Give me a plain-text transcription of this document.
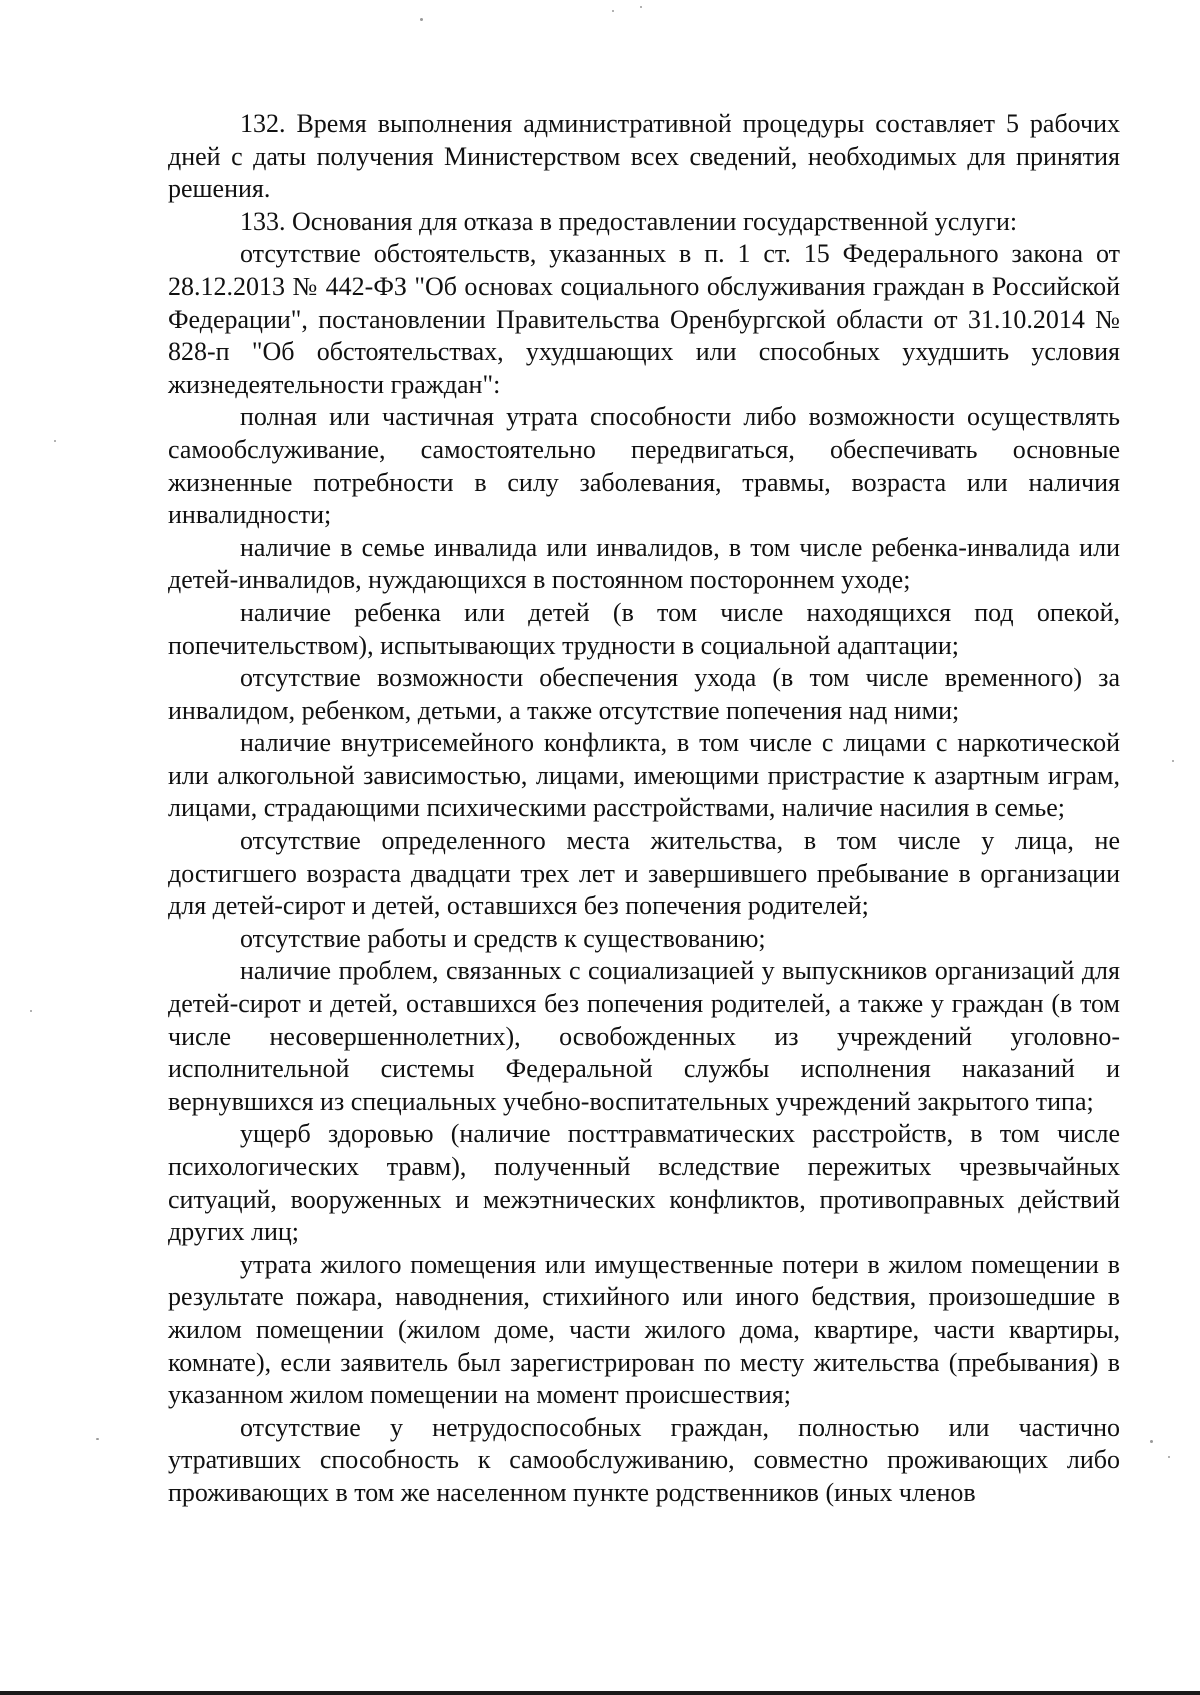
132. Время выполнения административной процедуры составляет 5 рабочих дней с даты получения Министерством всех сведений, необходимых для принятия решения.

133. Основания для отказа в предоставлении государственной услуги:

отсутствие обстоятельств, указанных в п. 1 ст. 15 Федерального закона от 28.12.2013 № 442-ФЗ "Об основах социального обслуживания граждан в Российской Федерации", постановлении Правительства Оренбургской области от 31.10.2014 № 828-п "Об обстоятельствах, ухудшающих или способных ухудшить условия жизнедеятельности граждан":

полная или частичная утрата способности либо возможности осуществлять самообслуживание, самостоятельно передвигаться, обеспечивать основные жизненные потребности в силу заболевания, травмы, возраста или наличия инвалидности;

наличие в семье инвалида или инвалидов, в том числе ребенка-инвалида или детей-инвалидов, нуждающихся в постоянном постороннем уходе;

наличие ребенка или детей (в том числе находящихся под опекой, попечительством), испытывающих трудности в социальной адаптации;

отсутствие возможности обеспечения ухода (в том числе временного) за инвалидом, ребенком, детьми, а также отсутствие попечения над ними;

наличие внутрисемейного конфликта, в том числе с лицами с наркотической или алкогольной зависимостью, лицами, имеющими пристрастие к азартным играм, лицами, страдающими психическими расстройствами, наличие насилия в семье;

отсутствие определенного места жительства, в том числе у лица, не достигшего возраста двадцати трех лет и завершившего пребывание в организации для детей-сирот и детей, оставшихся без попечения родителей;

отсутствие работы и средств к существованию;

наличие проблем, связанных с социализацией у выпускников организаций для детей-сирот и детей, оставшихся без попечения родителей, а также у граждан (в том числе несовершеннолетних), освобожденных из учреждений уголовно-исполнительной системы Федеральной службы исполнения наказаний и вернувшихся из специальных учебно-воспитательных учреждений закрытого типа;

ущерб здоровью (наличие посттравматических расстройств, в том числе психологических травм), полученный вследствие пережитых чрезвычайных ситуаций, вооруженных и межэтнических конфликтов, противоправных действий других лиц;

утрата жилого помещения или имущественные потери в жилом помещении в результате пожара, наводнения, стихийного или иного бедствия, произошедшие в жилом помещении (жилом доме, части жилого дома, квартире, части квартиры, комнате), если заявитель был зарегистрирован по месту жительства (пребывания) в указанном жилом помещении на момент происшествия;

отсутствие у нетрудоспособных граждан, полностью или частично утративших способность к самообслуживанию, совместно проживающих либо проживающих в том же населенном пункте родственников (иных членов
